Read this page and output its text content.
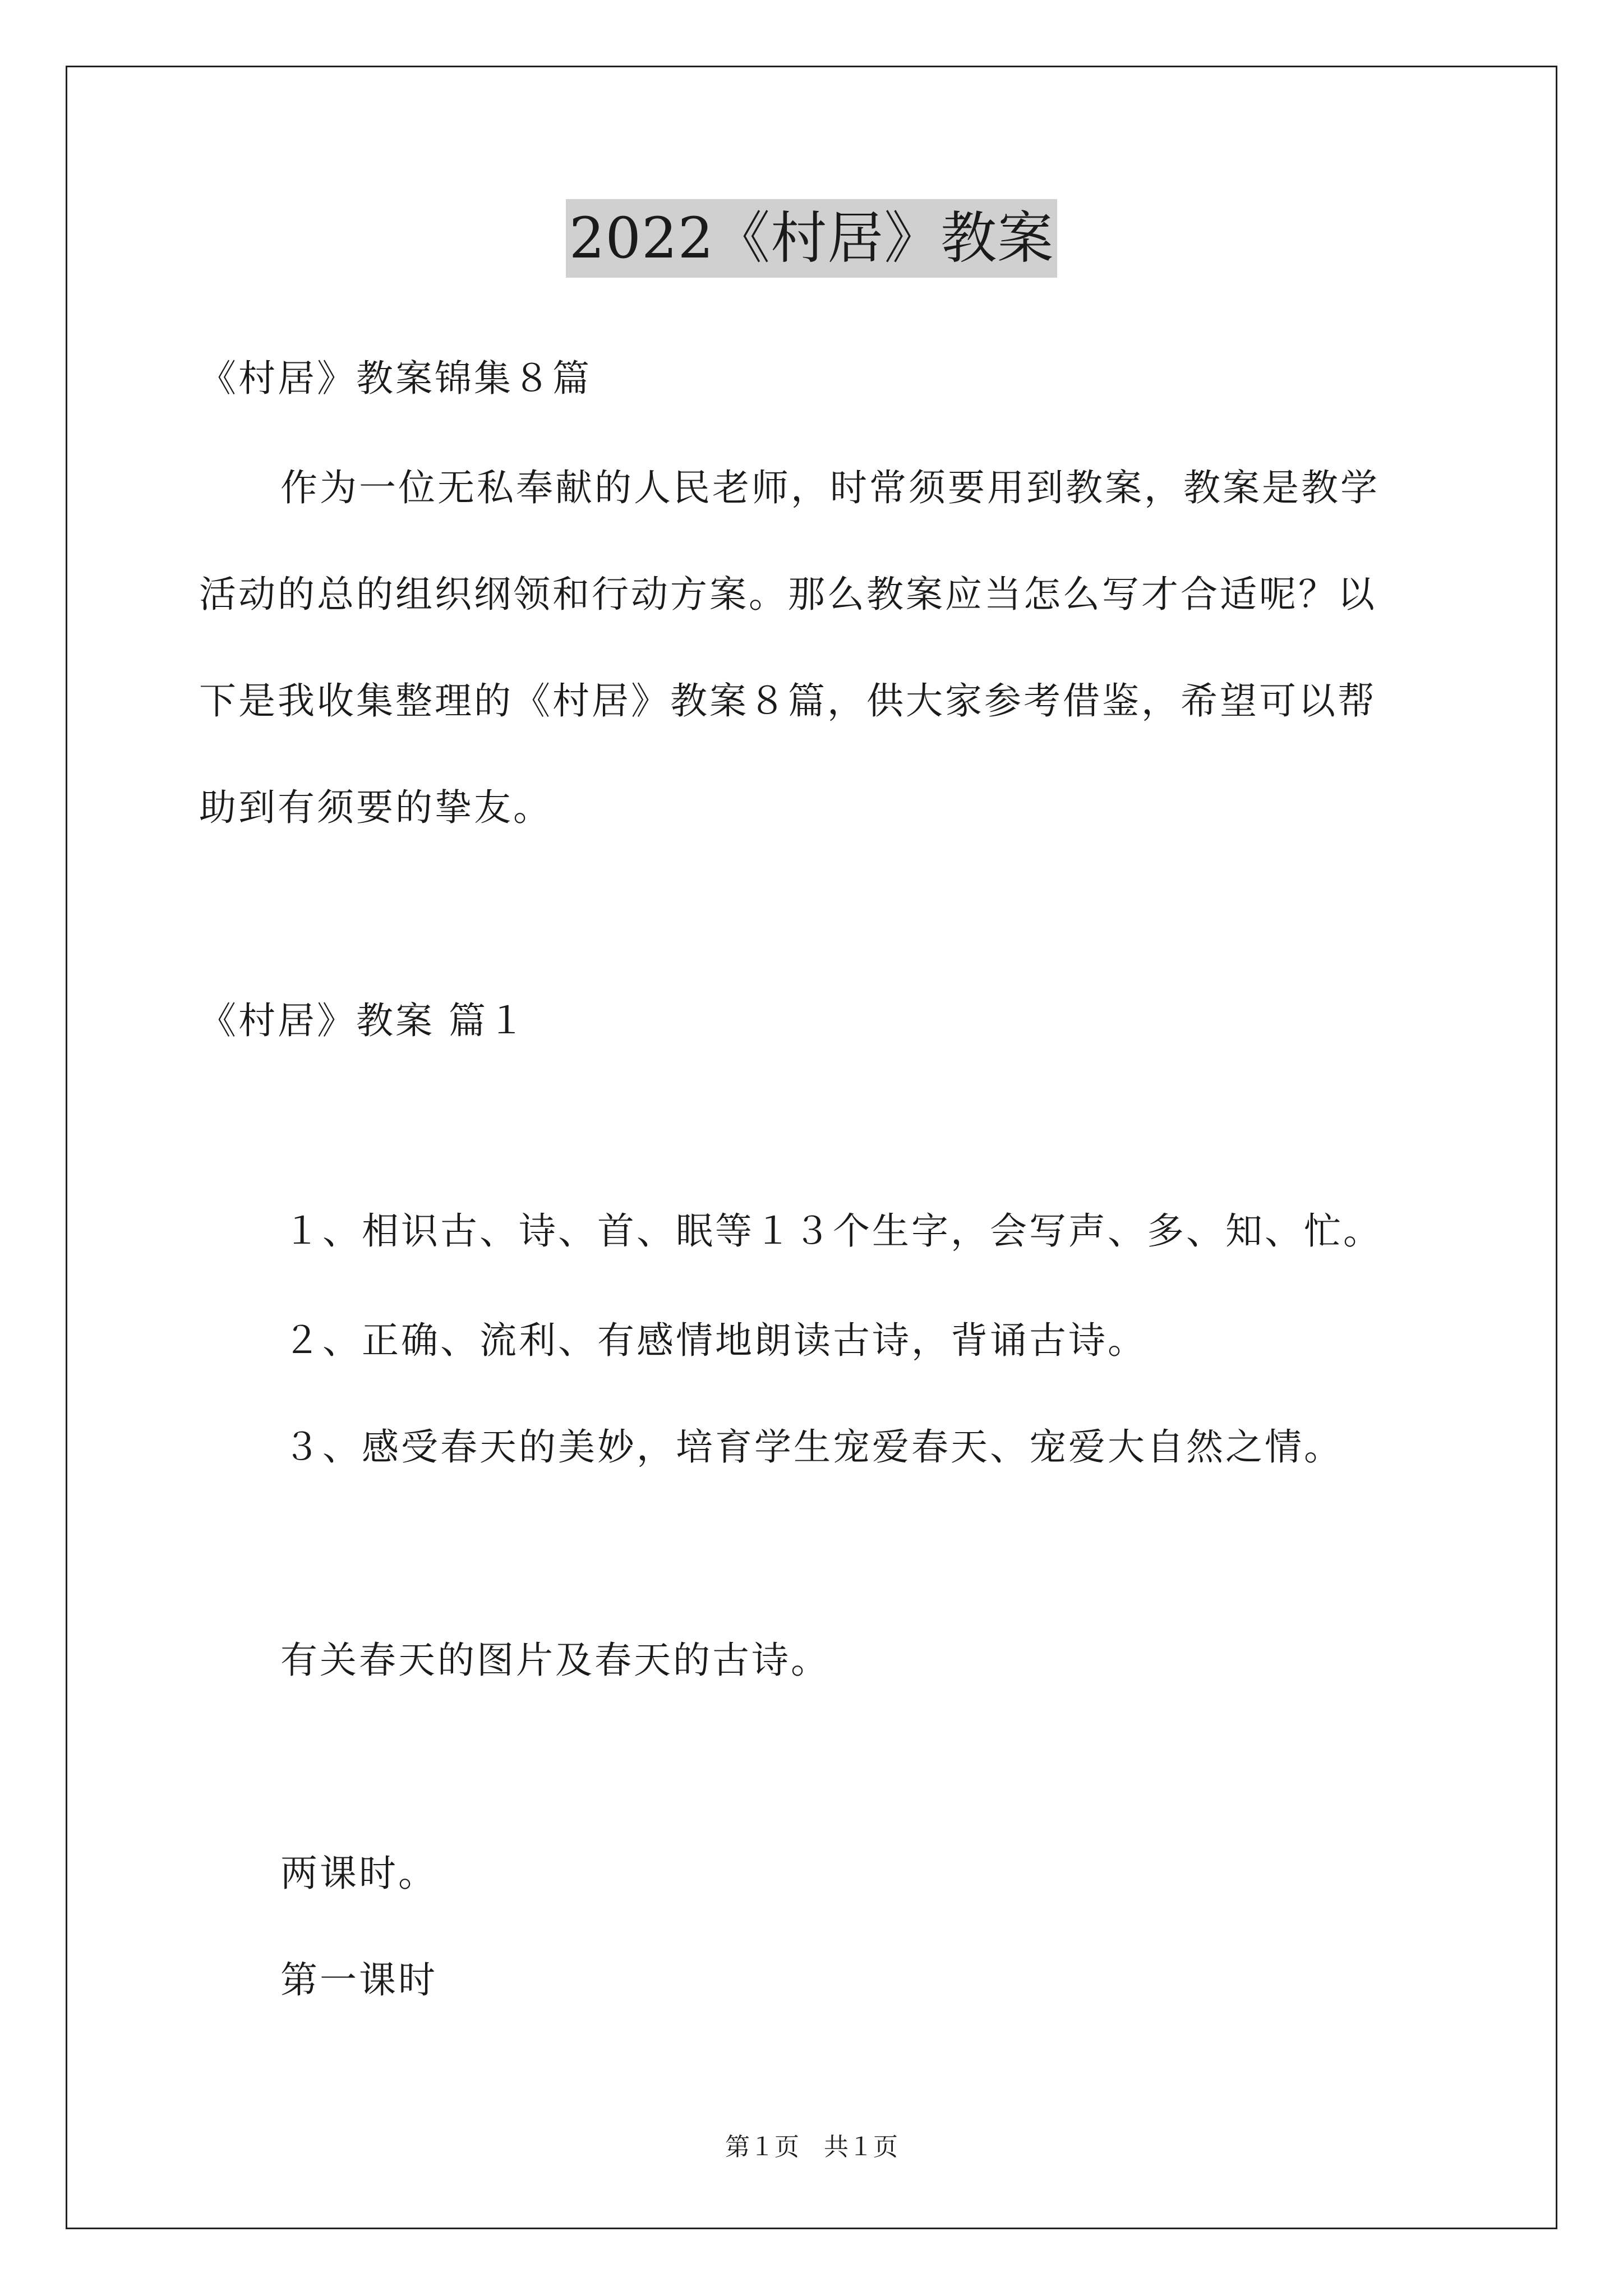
2022《村居》教案
《村居》教案锦集８篇
作为一位无私奉献的人民老师，时常须要用到教案，教案是教学
活动的总的组织纲领和行动方案。那么教案应当怎么写才合适呢？以
下是我收集整理的《村居》教案８篇，供大家参考借鉴，希望可以帮
助到有须要的挚友。
《村居》教案 篇１
１、相识古、诗、首、眠等１３个生字，会写声、多、知、忙。
２、正确、流利、有感情地朗读古诗，背诵古诗。
３、感受春天的美妙，培育学生宠爱春天、宠爱大自然之情。
有关春天的图片及春天的古诗。
两课时。
第一课时
第１页　共１页
